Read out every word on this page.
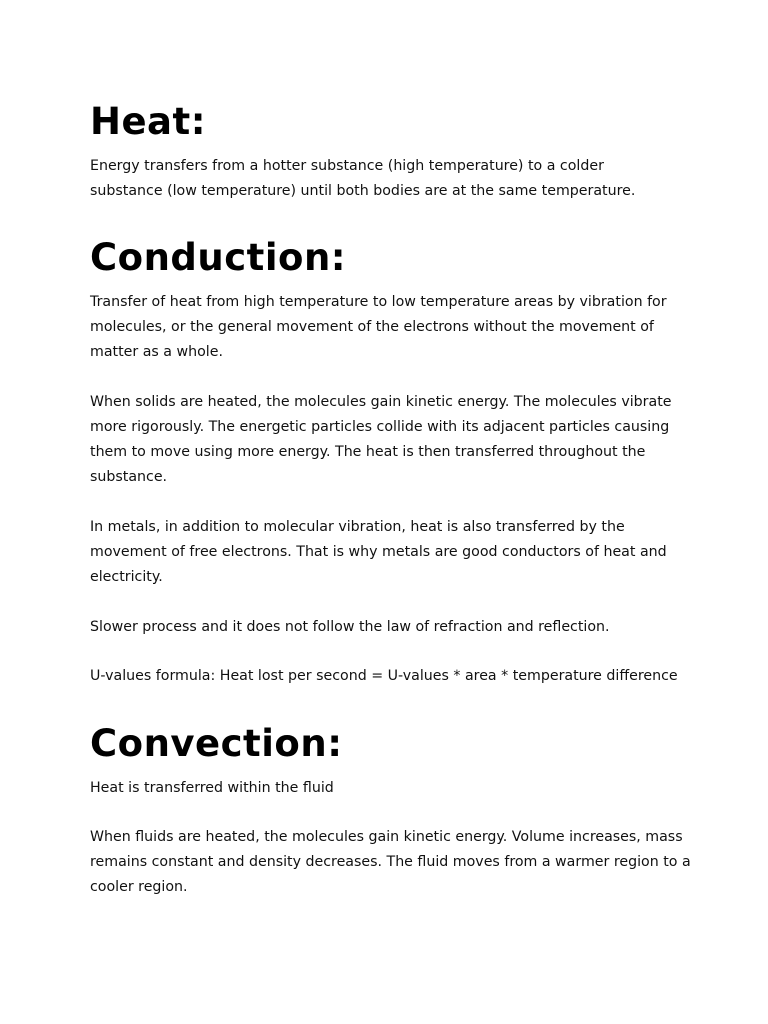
Heat:

Energy transfers from a hotter substance (high temperature) to a colder
substance (low temperature) until both bodies are at the same temperature.

Conduction:

Transfer of heat from high temperature to low temperature areas by vibration for
molecules, or the general movement of the electrons without the movement of
matter as a whole.

When solids are heated, the molecules gain kinetic energy. The molecules vibrate
more rigorously. The energetic particles collide with its adjacent particles causing
them to move using more energy. The heat is then transferred throughout the
substance.

In metals, in addition to molecular vibration, heat is also transferred by the
movement of free electrons. That is why metals are good conductors of heat and
electricity.

Slower process and it does not follow the law of refraction and reflection.

U-values formula: Heat lost per second = U-values * area * temperature difference

Convection:

Heat is transferred within the fluid

When fluids are heated, the molecules gain kinetic energy. Volume increases, mass
remains constant and density decreases. The fluid moves from a warmer region to a
cooler region.
